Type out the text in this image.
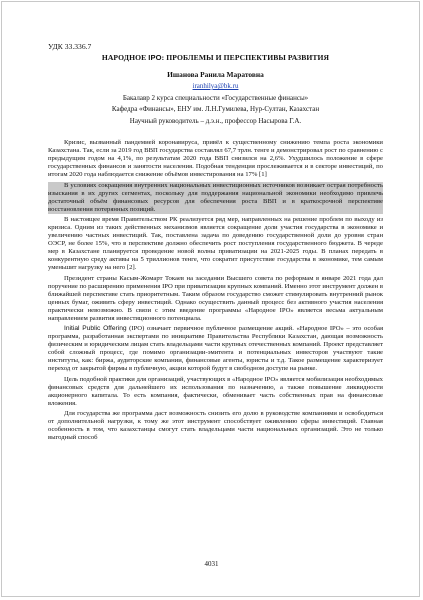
УДК 33.336.7
НАРОДНОЕ IPO: ПРОБЛЕМЫ И ПЕРСПЕКТИВЫ РАЗВИТИЯ
Ишанова Ранила Маратовна
iranhilya@bk.ru
Бакалавр 2 курса специальности «Государственные финансы»
Кафедра «Финансы», ЕНУ им. Л.Н.Гумилева, Нур-Султан, Казахстан
Научный руководитель – д.э.н., профессор Насырова Г.А.

Кризис, вызванный пандемией коронавируса, привёл к существенному снижению темпа роста экономики Казахстана. Так, если за 2019 год ВВП государства составлял 67,7 трлн. тенге и демонстрировал рост по сравнению с предыдущим годом на 4,1%, по результатам 2020 года ВВП снизился на 2,6%. Ухудшилось положение в сфере государственных финансов и занятости населения. Подобная тенденция прослеживается и в секторе инвестиций, по итогам 2020 года наблюдается снижение объёмов инвестирования на 17% [1]

В условиях сокращения внутренних национальных инвестиционных источников возникает острая потребность изыскания в их других сегментах, поскольку для поддержания национальной экономики необходимо привлечь достаточный объём финансовых ресурсов для обеспечения роста ВВП и в краткосрочной перспективе восстановления потерянных позиций.

В настоящее время Правительством РК реализуется ряд мер, направленных на решение проблем по выходу из кризиса. Одним из таких действенных механизмов является сокращение доли участия государства в экономике и увеличению частных инвестиций. Так, поставлена задача по доведению государственной доли до уровня стран ОЭСР, не более 15%, что в перспективе должно обеспечить рост поступления государственного бюджета. В череде мер в Казахстане планируется проведение новой волны приватизации на 2021-2025 годы. В планах передать в конкурентную среду активы на 5 триллионов тенге, что сократит присутствие государства в экономике, тем самым уменьшит нагрузку на него [2].

Президент страны Касым-Жомарт Токаев на заседании Высшего совета по реформам в январе 2021 года дал поручение по расширению применения IPO при приватизации крупных компаний. Именно этот инструмент должен в ближайшей перспективе стать приоритетным. Таким образом государство сможет стимулировать внутренний рынок ценных бумаг, оживить сферу инвестиций. Однако осуществить данный процесс без активного участия населения практически невозможно. В связи с этим введение программы «Народное IPO» является весьма актуальным направлением развития инвестиционного потенциала.

Initial Public Offering (IPO) означает первичное публичное размещение акций. «Народное IPO» – это особая программа, разработанная экспертами по инициативе Правительства Республики Казахстан, дающая возможность физическим и юридическим лицам стать владельцами части крупных отечественных компаний. Проект представляет собой сложный процесс, где помимо организации-эмитента и потенциальных инвесторов участвуют такие институты, как: биржа, аудиторские компании, финансовые агенты, юристы и т.д. Такое размещение характеризует переход от закрытой фирмы в публичную, акции которой будут в свободном доступе на рынке.

Цель подобной практики для организаций, участвующих в «Народное IPO» является мобилизация необходимых финансовых средств для дальнейшего их использования по назначению, а также повышение ликвидности акционерного капитала. То есть компания, фактически, обменивает часть собственных прав на финансовые вложения.

Для государства же программа даст возможность снизить его долю в руководстве компаниями и освободиться от дополнительной нагрузки, к тому же этот инструмент способствует оживлению сферы инвестиций. Главная особенность в том, что казахстанцы смогут стать владельцами части национальных организаций. Это не только выгодный способ

4031
